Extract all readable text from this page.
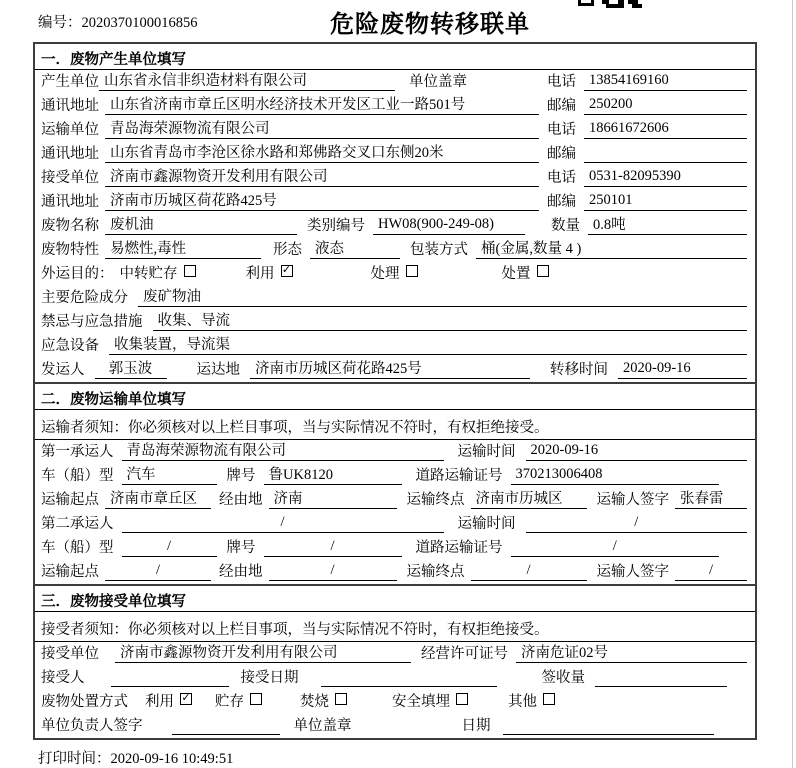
编号：2020370100016856	危险废物转移联单
一．废物产生单位填写
产生单位 山东省永信非织造材料有限公司	单位盖章	电话 13854169160
通讯地址 山东省济南市章丘区明水经济技术开发区工业一路501号	邮编 250200
运输单位 青岛海荣源物流有限公司	电话 18661672606
通讯地址 山东省青岛市李沧区徐水路和郑佛路交叉口东侧20米	邮编
接受单位 济南市鑫源物资开发利用有限公司	电话 0531-82095390
通讯地址 济南市历城区荷花路425号	邮编 250101
废物名称 废机油	类别编号 HW08(900-249-08)	数量 0.8吨
废物特性 易燃性,毒性	形态 液态	包装方式 桶(金属,数量 4 )
外运目的： 中转贮存	利用 ✓	处理	处置
主要危险成分	废矿物油
禁忌与应急措施	收集、导流
应急设备	收集装置，导流渠
发运人	郭玉波	运达地	济南市历城区荷花路425号	转移时间	2020-09-16
二．废物运输单位填写
运输者须知：你必须核对以上栏目事项，当与实际情况不符时，有权拒绝接受。
第一承运人 青岛海荣源物流有限公司	运输时间	2020-09-16
车（船）型 汽车	牌号 鲁UK8120	道路运输证号 370213006408
运输起点 济南市章丘区	经由地 济南	运输终点 济南市历城区	运输人签字 张春雷
第二承运人	/	运输时间	/
车（船）型	/	牌号	/	道路运输证号	/
运输起点	/	经由地	/	运输终点	/	运输人签字	/
三．废物接受单位填写
接受者须知：你必须核对以上栏目事项，当与实际情况不符时，有权拒绝接受。
接受单位	济南市鑫源物资开发利用有限公司	经营许可证号 济南危证02号
接受人	接受日期	签收量
废物处置方式 利用 ✓ 贮存	焚烧	安全填埋	其他
单位负责人签字	单位盖章	日期
打印时间：2020-09-16 10:49:51
